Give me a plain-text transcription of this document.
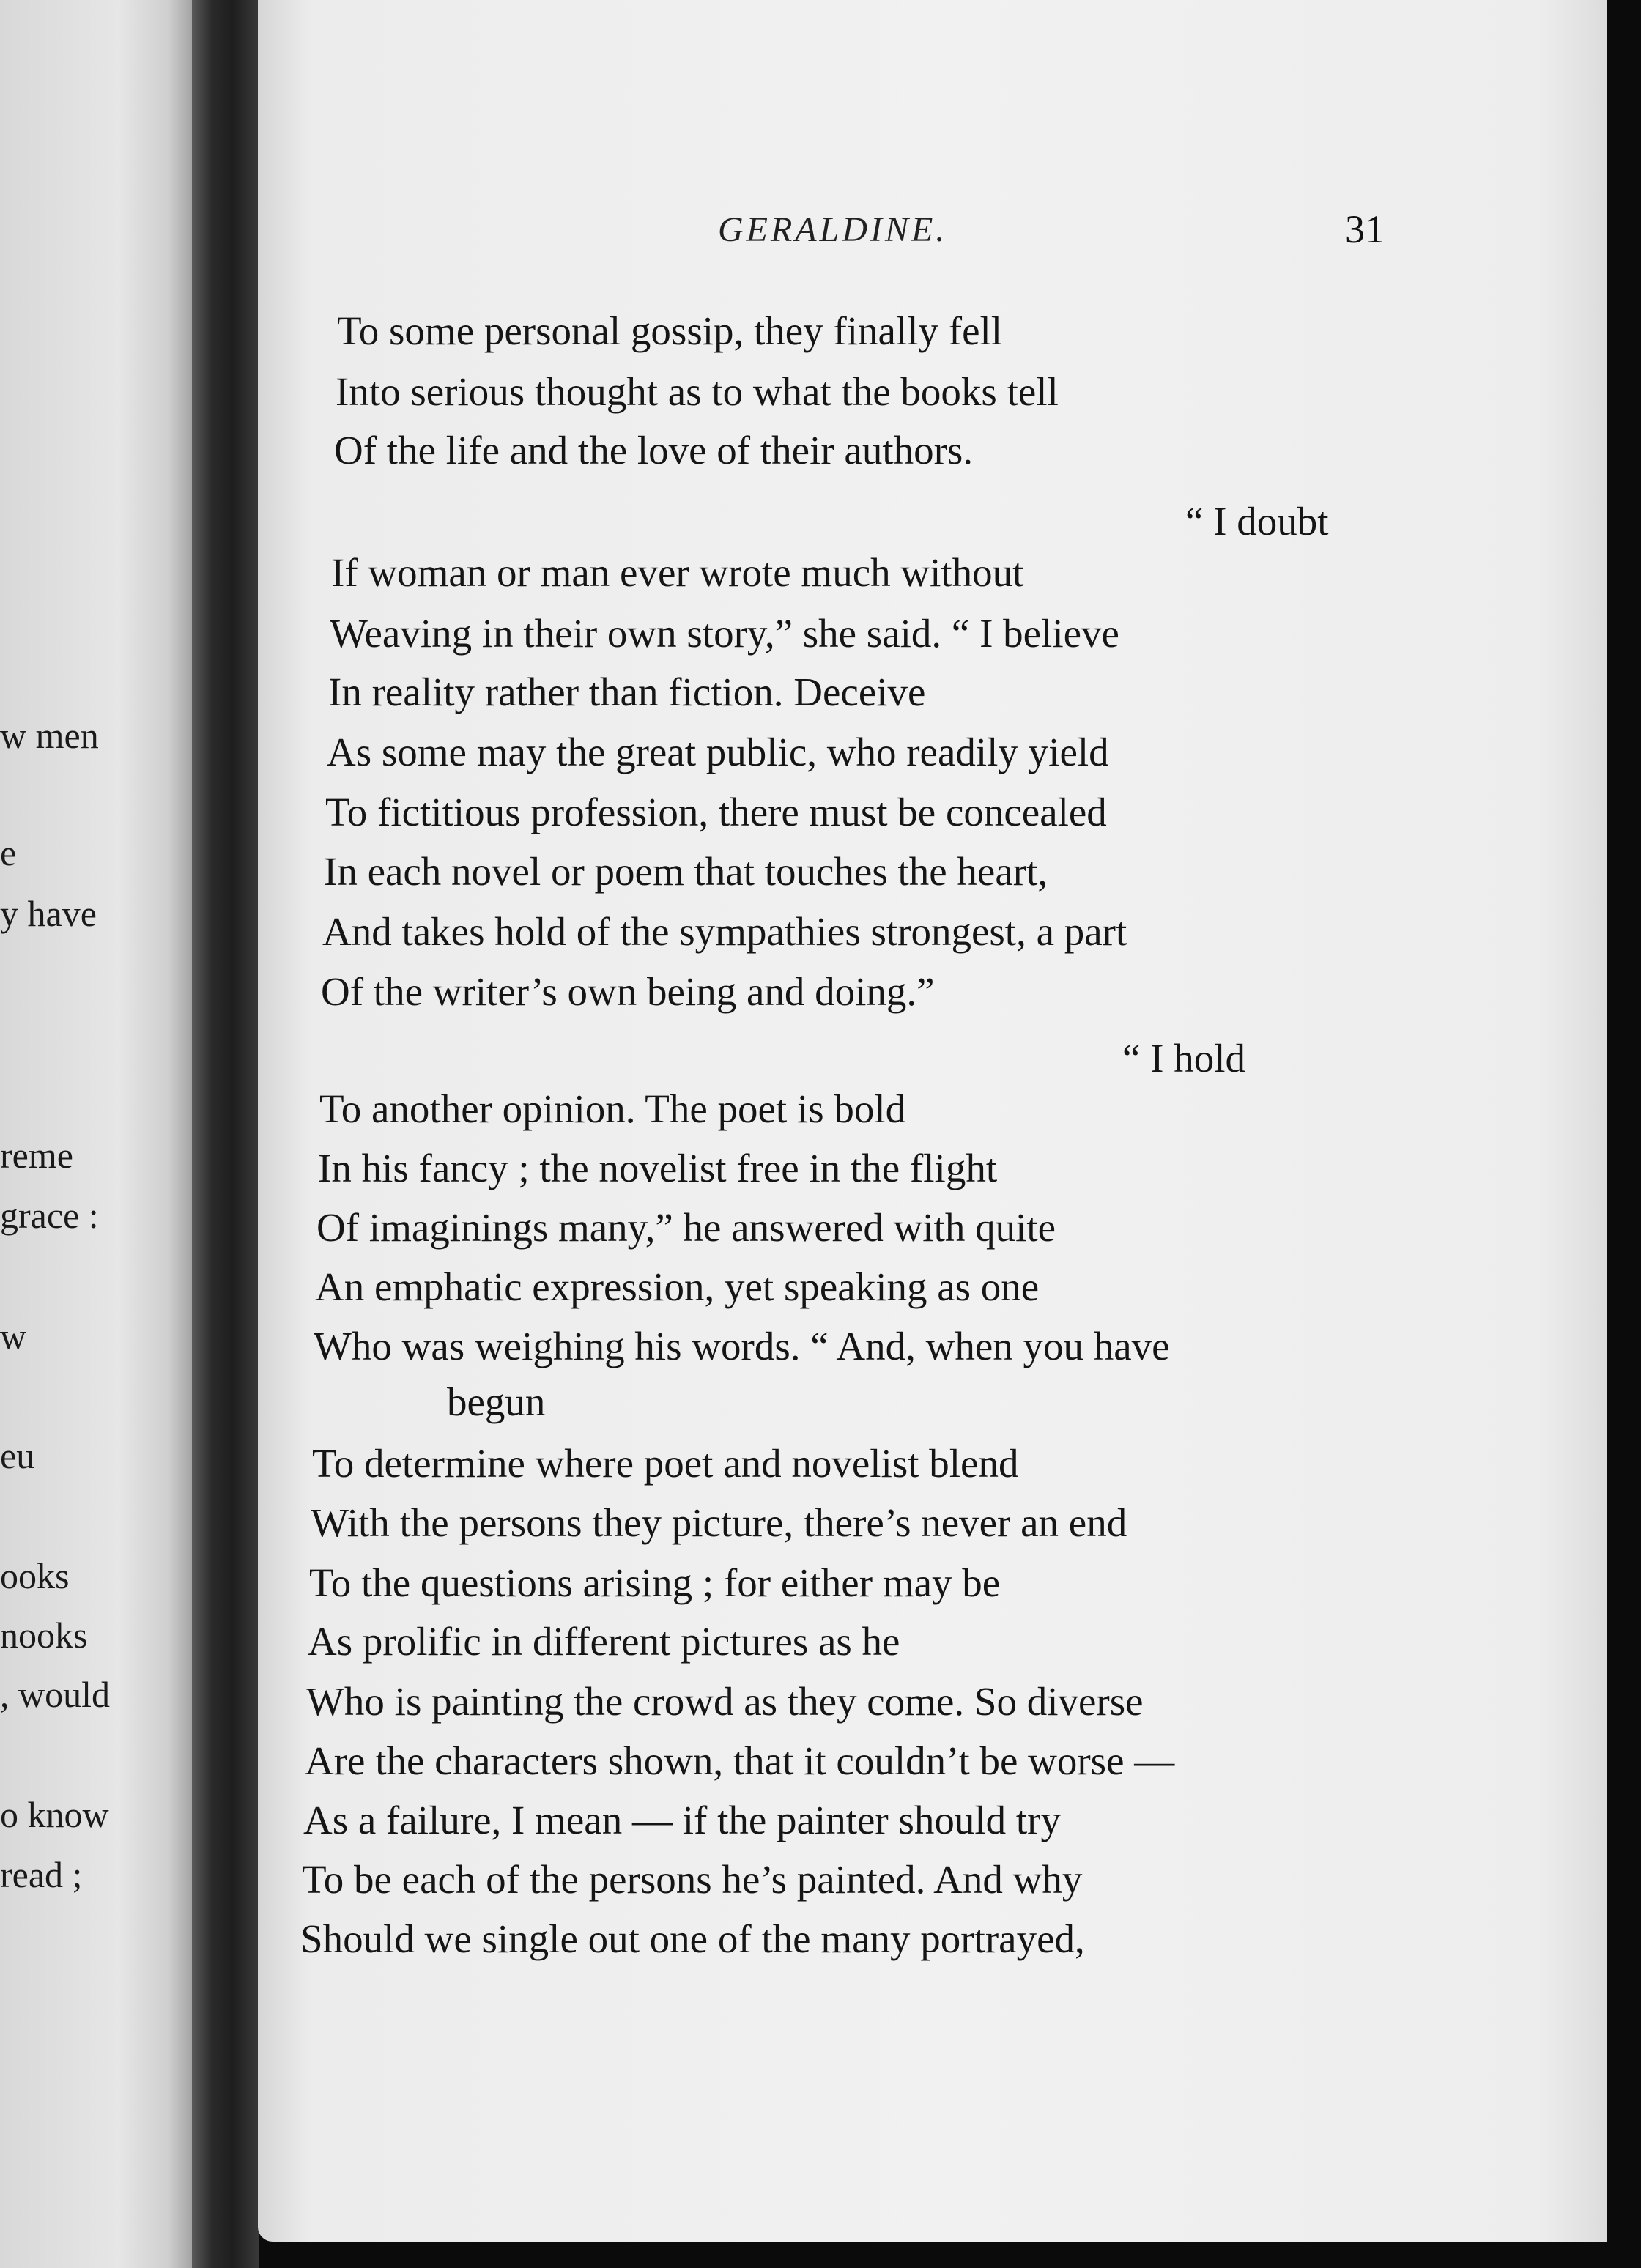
w men
e
y have
reme
grace :
w
eu
ooks
nooks
, would
o know
read ;
GERALDINE.	31
To some personal gossip, they finally fell
Into serious thought as to what the books tell
Of the life and the love of their authors.
“ I doubt
If woman or man ever wrote much without
Weaving in their own story,” she said. “ I believe
In reality rather than fiction. Deceive
As some may the great public, who readily yield
To fictitious profession, there must be concealed
In each novel or poem that touches the heart,
And takes hold of the sympathies strongest, a part
Of the writer’s own being and doing.”
“ I hold
To another opinion. The poet is bold
In his fancy ; the novelist free in the flight
Of imaginings many,” he answered with quite
An emphatic expression, yet speaking as one
Who was weighing his words. “ And, when you have
begun
To determine where poet and novelist blend
With the persons they picture, there’s never an end
To the questions arising ; for either may be
As prolific in different pictures as he
Who is painting the crowd as they come. So diverse
Are the characters shown, that it couldn’t be worse —
As a failure, I mean — if the painter should try
To be each of the persons he’s painted. And why
Should we single out one of the many portrayed,
